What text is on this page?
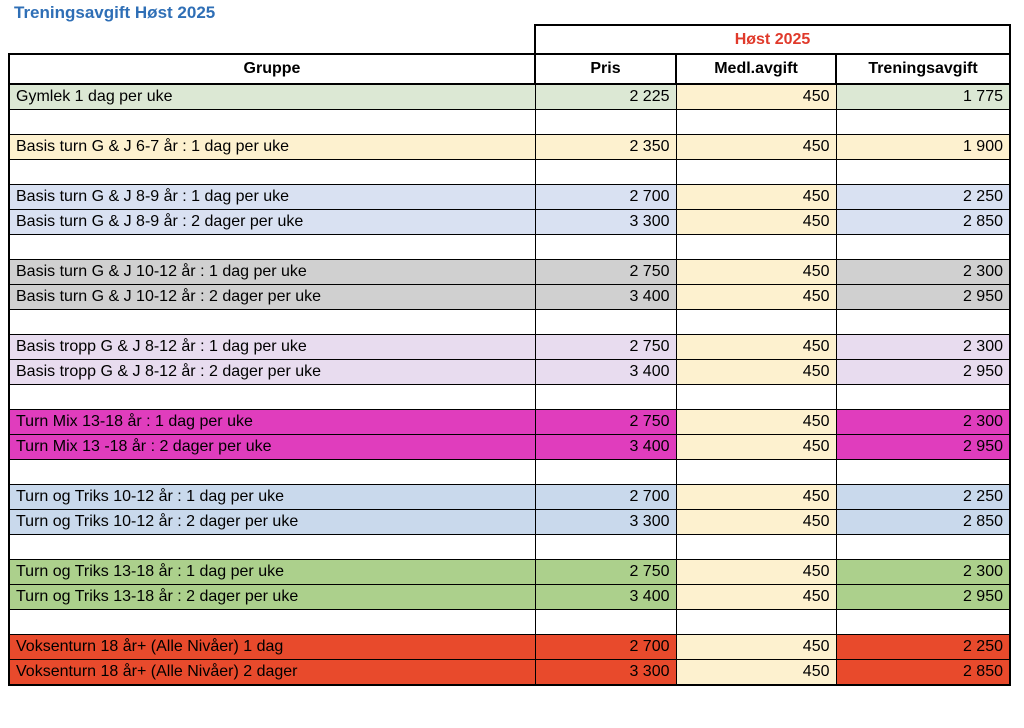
Treningsavgift Høst 2025
	Høst 2025		
Gruppe	Pris	Medl.avgift	Treningsavgift
Gymlek 1 dag per uke	2 225	450	1 775

Basis turn G & J 6-7 år : 1 dag per uke	2 350	450	1 900

Basis turn G & J 8-9 år : 1 dag per uke	2 700	450	2 250
Basis turn G & J 8-9 år : 2 dager per uke	3 300	450	2 850

Basis turn G & J 10-12 år : 1 dag per uke	2 750	450	2 300
Basis turn G & J 10-12 år : 2 dager per uke	3 400	450	2 950

Basis tropp G & J 8-12 år : 1 dag per uke	2 750	450	2 300
Basis tropp G & J 8-12 år : 2 dager per uke	3 400	450	2 950

Turn Mix 13-18 år : 1 dag per uke	2 750	450	2 300
Turn Mix 13 -18 år : 2 dager per uke	3 400	450	2 950

Turn og Triks 10-12 år : 1 dag per uke	2 700	450	2 250
Turn og Triks 10-12 år : 2 dager per uke	3 300	450	2 850

Turn og Triks 13-18 år : 1 dag per uke	2 750	450	2 300
Turn og Triks 13-18 år : 2 dager per uke	3 400	450	2 950

Voksenturn 18 år+ (Alle Nivåer) 1 dag	2 700	450	2 250
Voksenturn 18 år+ (Alle Nivåer) 2 dager	3 300	450	2 850
